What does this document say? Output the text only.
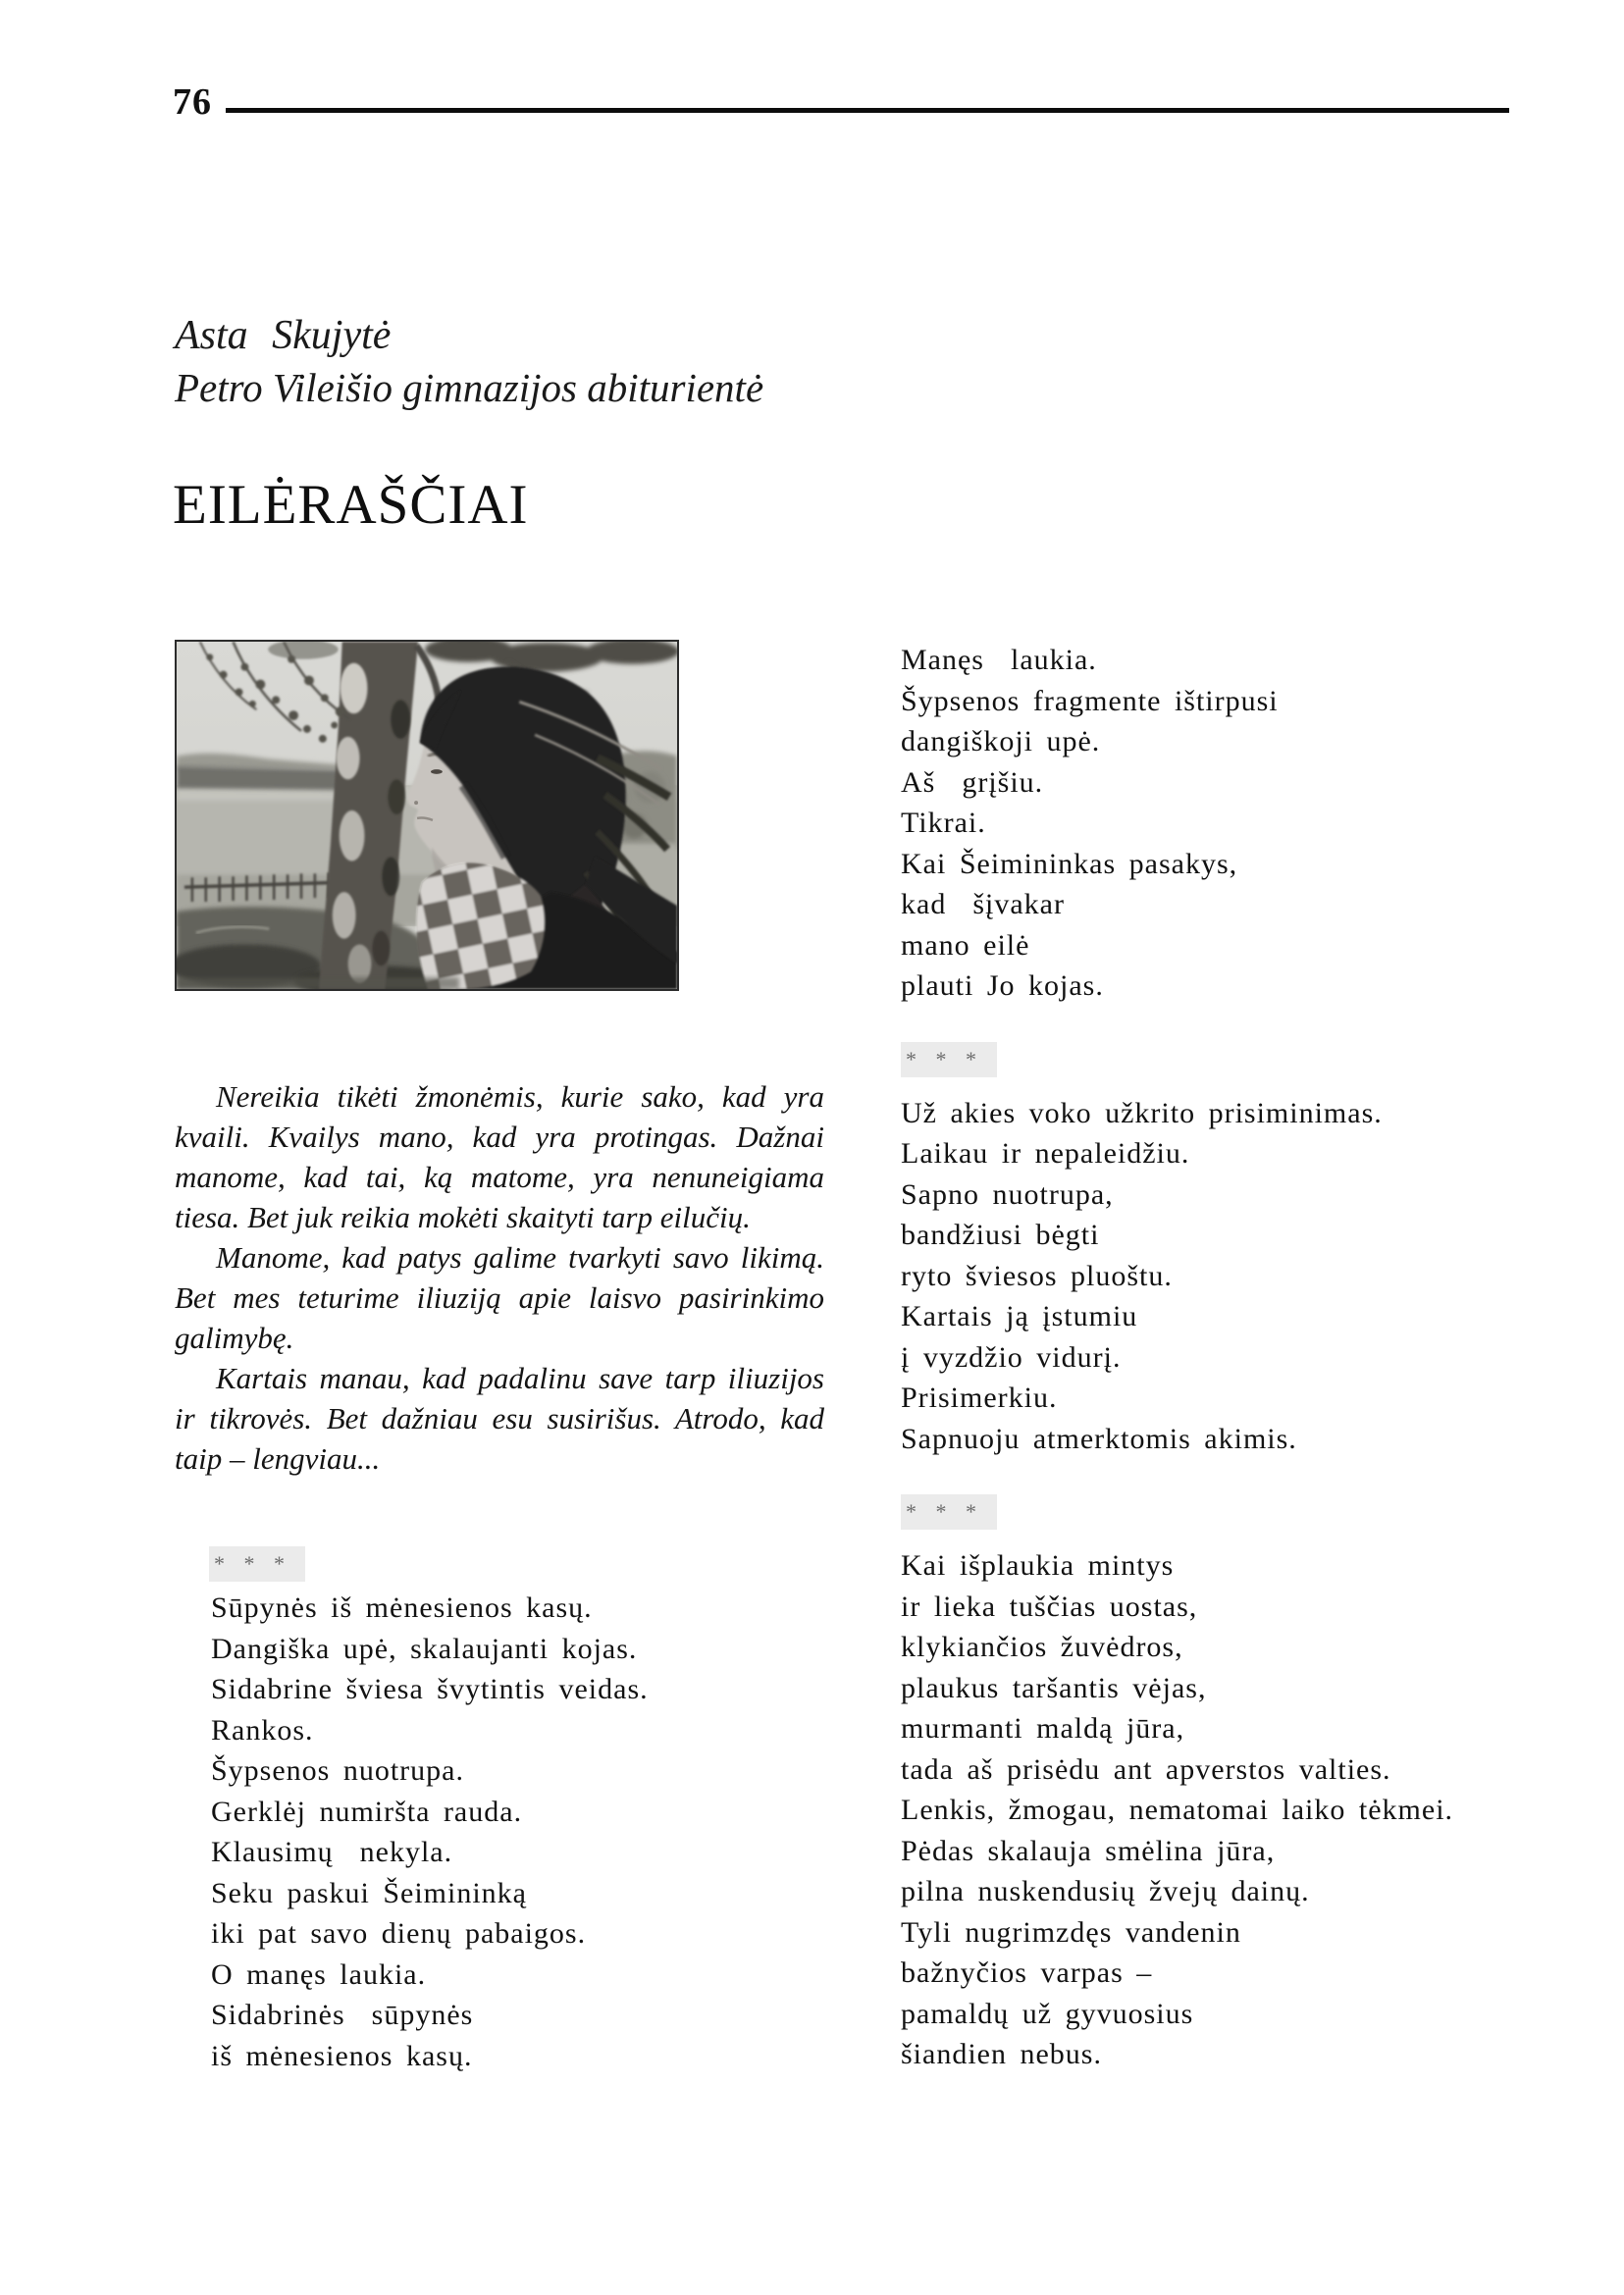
76
Asta Skujytė
Petro Vileišio gimnazijos abiturientė
EILĖRAŠČIAI

Nereikia tikėti žmonėmis, kurie sako, kad yra kvaili. Kvailys mano, kad yra protingas. Dažnai manome, kad tai, ką matome, yra nenuneigiama tiesa. Bet juk reikia mokėti skaityti tarp eilučių.

Manome, kad patys galime tvarkyti savo likimą. Bet mes teturime iliuziją apie laisvo pasirinkimo galimybę.

Kartais manau, kad padalinu save tarp iliuzijos ir tikrovės. Bet dažniau esu susirišus. Atrodo, kad taip – lengviau...

* * *
Sūpynės iš mėnesienos kasų.
Dangiška upė, skalaujanti kojas.
Sidabrine šviesa švytintis veidas.
Rankos.
Šypsenos nuotrupa.
Gerklėj numiršta rauda.
Klausimų  nekyla.
Seku paskui Šeimininką
iki pat savo dienų pabaigos.
O manęs laukia.
Sidabrinės  sūpynės
iš mėnesienos kasų.
Manęs  laukia.
Šypsenos fragmente ištirpusi
dangiškoji upė.
Aš  grįšiu.
Tikrai.
Kai Šeimininkas pasakys,
kad  šįvakar
mano eilė
plauti Jo kojas.
* * *
Už akies voko užkrito prisiminimas.
Laikau ir nepaleidžiu.
Sapno nuotrupa,
bandžiusi bėgti
ryto šviesos pluoštu.
Kartais ją įstumiu
į vyzdžio vidurį.
Prisimerkiu.
Sapnuoju atmerktomis akimis.
* * *
Kai išplaukia mintys
ir lieka tuščias uostas,
klykiančios žuvėdros,
plaukus taršantis vėjas,
murmanti maldą jūra,
tada aš prisėdu ant apverstos valties.
Lenkis, žmogau, nematomai laiko tėkmei.
Pėdas skalauja smėlina jūra,
pilna nuskendusių žvejų dainų.
Tyli nugrimzdęs vandenin
bažnyčios varpas –
pamaldų už gyvuosius
šiandien nebus.
